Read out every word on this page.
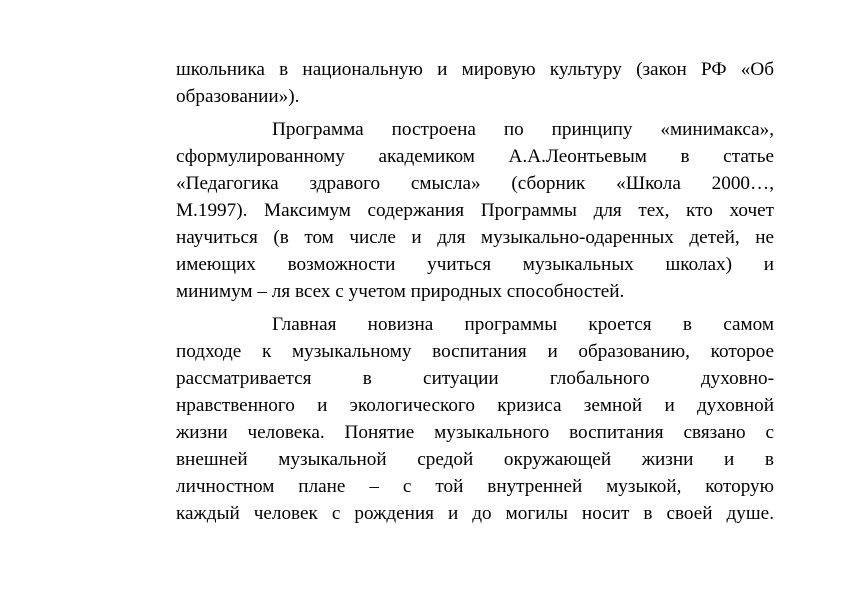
школьника в национальную и мировую культуру (закон РФ «Об
образовании»).
Программа построена по принципу «минимакса»,
сформулированному академиком А.А.Леонтьевым в статье
«Педагогика здравого смысла» (сборник «Школа 2000…,
М.1997). Максимум содержания Программы для тех, кто хочет
научиться (в том числе и для музыкально-одаренных детей, не
имеющих возможности учиться музыкальных школах) и
минимум – ля всех с учетом природных способностей.
Главная новизна программы кроется в самом
подходе к музыкальному воспитания и образованию, которое
рассматривается в ситуации глобального духовно-
нравственного и экологического кризиса земной и духовной
жизни человека. Понятие музыкального воспитания связано с
внешней музыкальной средой окружающей жизни и в
личностном плане – с той внутренней музыкой, которую
каждый человек с рождения и до могилы носит в своей душе.
